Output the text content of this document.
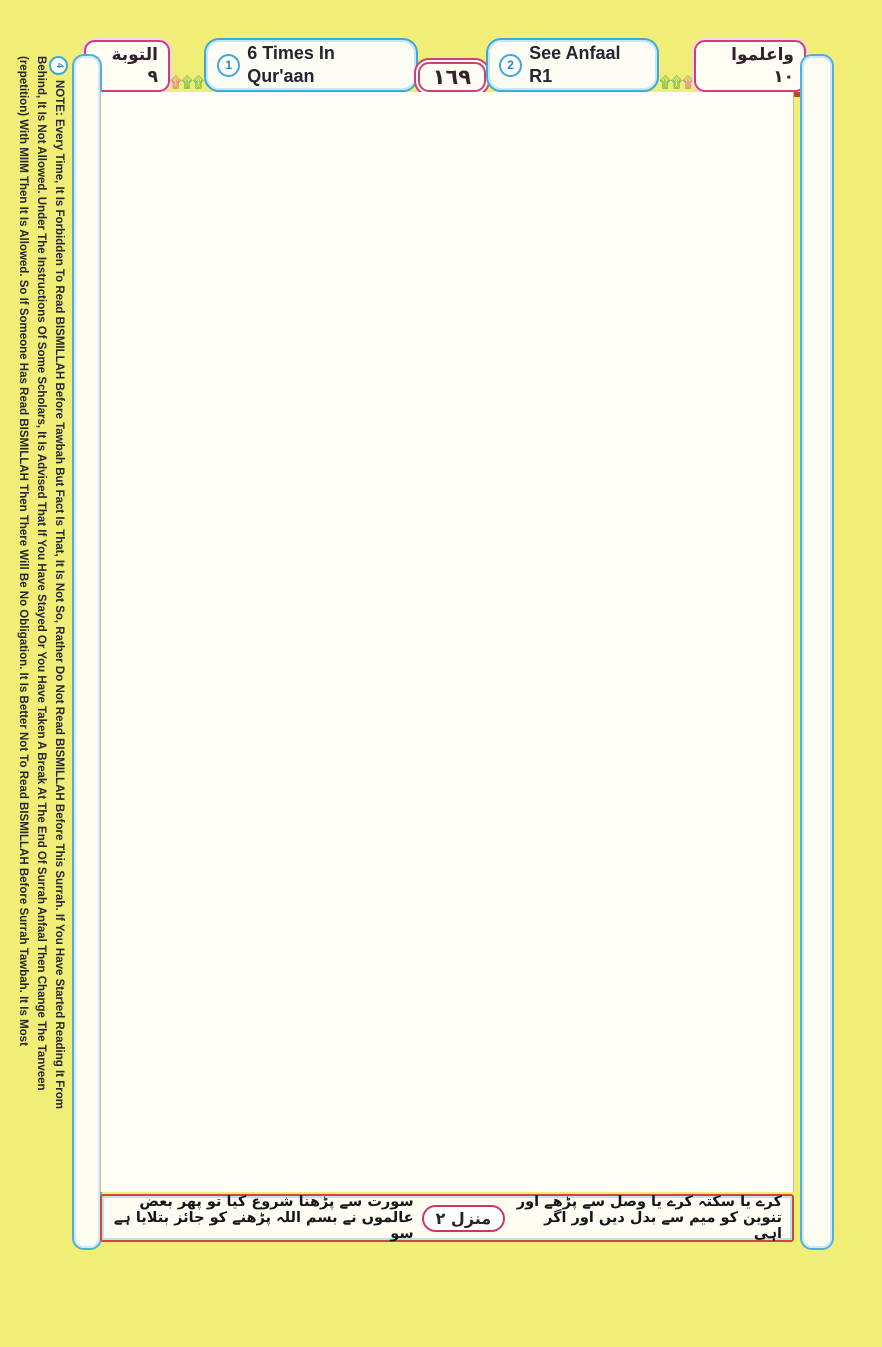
التوبة ۹ ۩۩۩
1
6 Times In Qur'aan	١٦٩
2
See Anfaal R1	۩۩۩
واعلموا ۱۰
4
NOTE: Every Time, It Is Forbidden To Read BISMILLAH Before Tawbah But Fact Is That, It Is Not So, Rather Do Not Read BISMILLAH Before This Surrah. If You Have Started Reading It From
Behind, It Is Not Allowed. Under The Instructions Of Some Scholars, It Is Advised That If You Have Stayed Or You Have Taken A Break At The End Of Surrah Anfaal Then Change The Tanveen
(repetition) With MIIM Then It Is Allowed. So If Someone Has Read BISMILLAH Then There Will Be No Obligation. It Is Better Not To Read BISMILLAH Before Surrah Tawbah. It Is Most
کرے یا سکتہ کرے یا وصل سے پڑھے اور تنوین کو میم سے بدل دیں اور اگر اہی
منزل ۲
سورت سے پڑھنا شروع کیا تو پھر بعض عالموں نے بسم اللہ پڑھنے کو جائز بتلایا ہے سو
